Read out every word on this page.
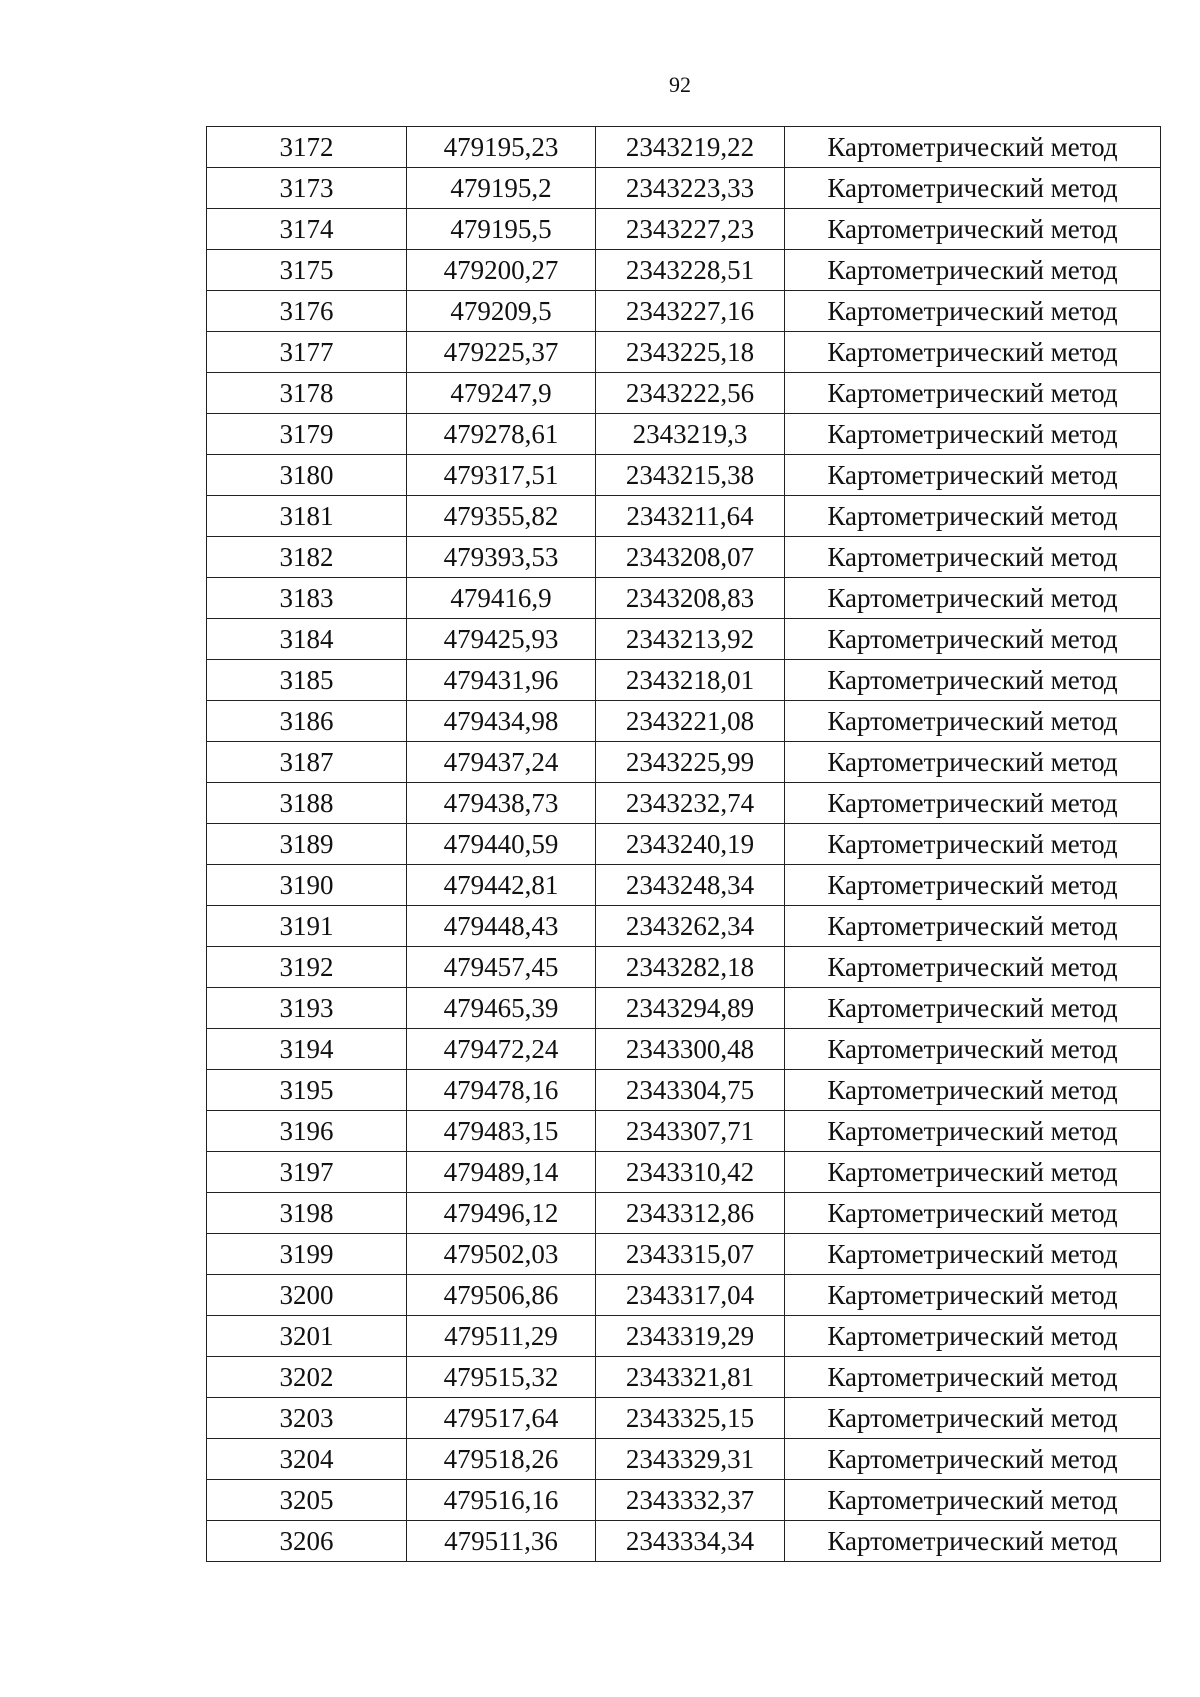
92
3172	479195,23	2343219,22	Картометрический метод
3173	479195,2	2343223,33	Картометрический метод
3174	479195,5	2343227,23	Картометрический метод
3175	479200,27	2343228,51	Картометрический метод
3176	479209,5	2343227,16	Картометрический метод
3177	479225,37	2343225,18	Картометрический метод
3178	479247,9	2343222,56	Картометрический метод
3179	479278,61	2343219,3	Картометрический метод
3180	479317,51	2343215,38	Картометрический метод
3181	479355,82	2343211,64	Картометрический метод
3182	479393,53	2343208,07	Картометрический метод
3183	479416,9	2343208,83	Картометрический метод
3184	479425,93	2343213,92	Картометрический метод
3185	479431,96	2343218,01	Картометрический метод
3186	479434,98	2343221,08	Картометрический метод
3187	479437,24	2343225,99	Картометрический метод
3188	479438,73	2343232,74	Картометрический метод
3189	479440,59	2343240,19	Картометрический метод
3190	479442,81	2343248,34	Картометрический метод
3191	479448,43	2343262,34	Картометрический метод
3192	479457,45	2343282,18	Картометрический метод
3193	479465,39	2343294,89	Картометрический метод
3194	479472,24	2343300,48	Картометрический метод
3195	479478,16	2343304,75	Картометрический метод
3196	479483,15	2343307,71	Картометрический метод
3197	479489,14	2343310,42	Картометрический метод
3198	479496,12	2343312,86	Картометрический метод
3199	479502,03	2343315,07	Картометрический метод
3200	479506,86	2343317,04	Картометрический метод
3201	479511,29	2343319,29	Картометрический метод
3202	479515,32	2343321,81	Картометрический метод
3203	479517,64	2343325,15	Картометрический метод
3204	479518,26	2343329,31	Картометрический метод
3205	479516,16	2343332,37	Картометрический метод
3206	479511,36	2343334,34	Картометрический метод
